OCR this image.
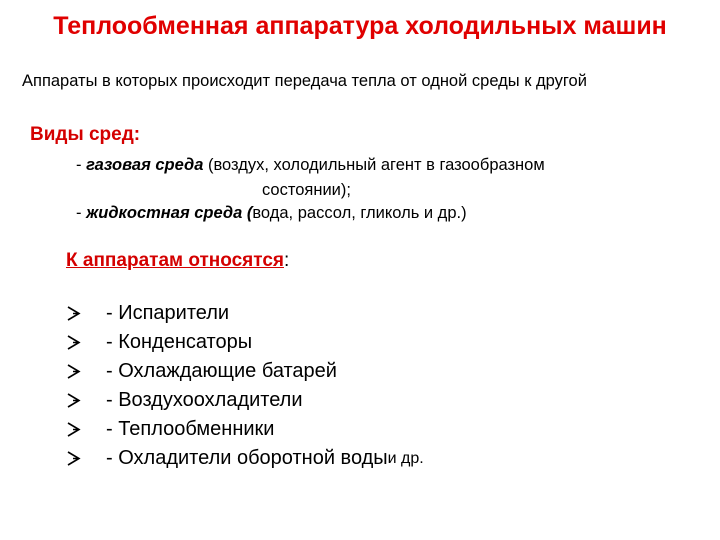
Теплообменная аппаратура холодильных машин
Аппараты в которых происходит передача тепла от одной среды к другой
Виды сред:
- газовая среда (воздух, холодильный агент в газообразном
состоянии);
- жидкостная среда (вода, рассол, гликоль и др.)
К аппаратам относятся:
- Испарители
- Конденсаторы
- Охлаждающие батарей
- Воздухоохладители
- Теплообменники
- Охладители оборотной воды и др.
